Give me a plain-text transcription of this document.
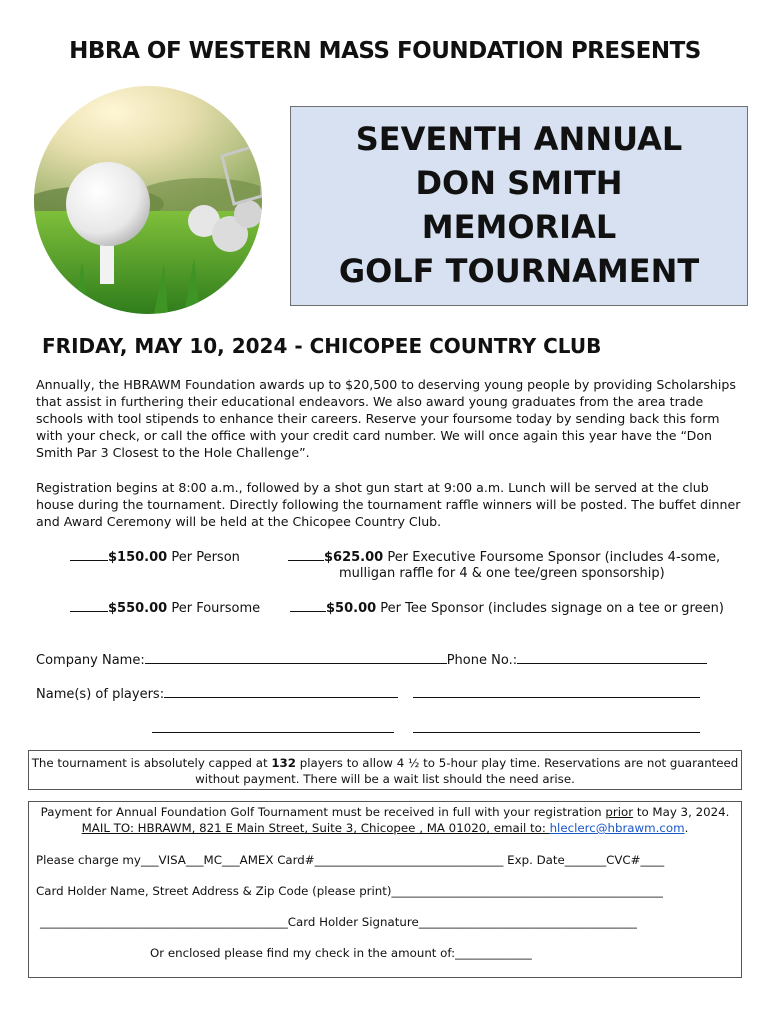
HBRA OF WESTERN MASS FOUNDATION PRESENTS
SEVENTH ANNUAL
DON SMITH
MEMORIAL
GOLF TOURNAMENT
FRIDAY, MAY 10, 2024 - CHICOPEE COUNTRY CLUB
Annually, the HBRAWM Foundation awards up to $20,500 to deserving young people by providing Scholarships that assist in furthering their educational endeavors. We also award young graduates from the area trade schools with tool stipends to enhance their careers. Reserve your foursome today by sending back this form with your check, or call the office with your credit card number. We will once again this year have the “Don Smith Par 3 Closest to the Hole Challenge”.
Registration begins at 8:00 a.m., followed by a shot gun start at 9:00 a.m. Lunch will be served at the club house during the tournament. Directly following the tournament raffle winners will be posted. The buffet dinner and Award Ceremony will be held at the Chicopee Country Club.
$150.00 Per Person	$625.00 Per Executive Foursome Sponsor (includes 4-some,
mulligan raffle for 4 & one tee/green sponsorship)
$550.00 Per Foursome	$50.00 Per Tee Sponsor (includes signage on a tee or green)
Company Name:	Phone No.:
Name(s) of players:
The tournament is absolutely capped at 132 players to allow 4 ½ to 5-hour play time. Reservations are not guaranteed
without payment. There will be a wait list should the need arise.
Payment for Annual Foundation Golf Tournament must be received in full with your registration prior to May 3, 2024.
MAIL TO: HBRAWM, 821 E Main Street, Suite 3, Chicopee , MA 01020, email to: hleclerc@hbrawm.com.
Please charge my___VISA___MC___AMEX Card#________________________________ Exp. Date_______CVC#____
Card Holder Name, Street Address & Zip Code (please print)______________________________________________
__________________________________________Card Holder Signature_____________________________________
Or enclosed please find my check in the amount of:_____________
